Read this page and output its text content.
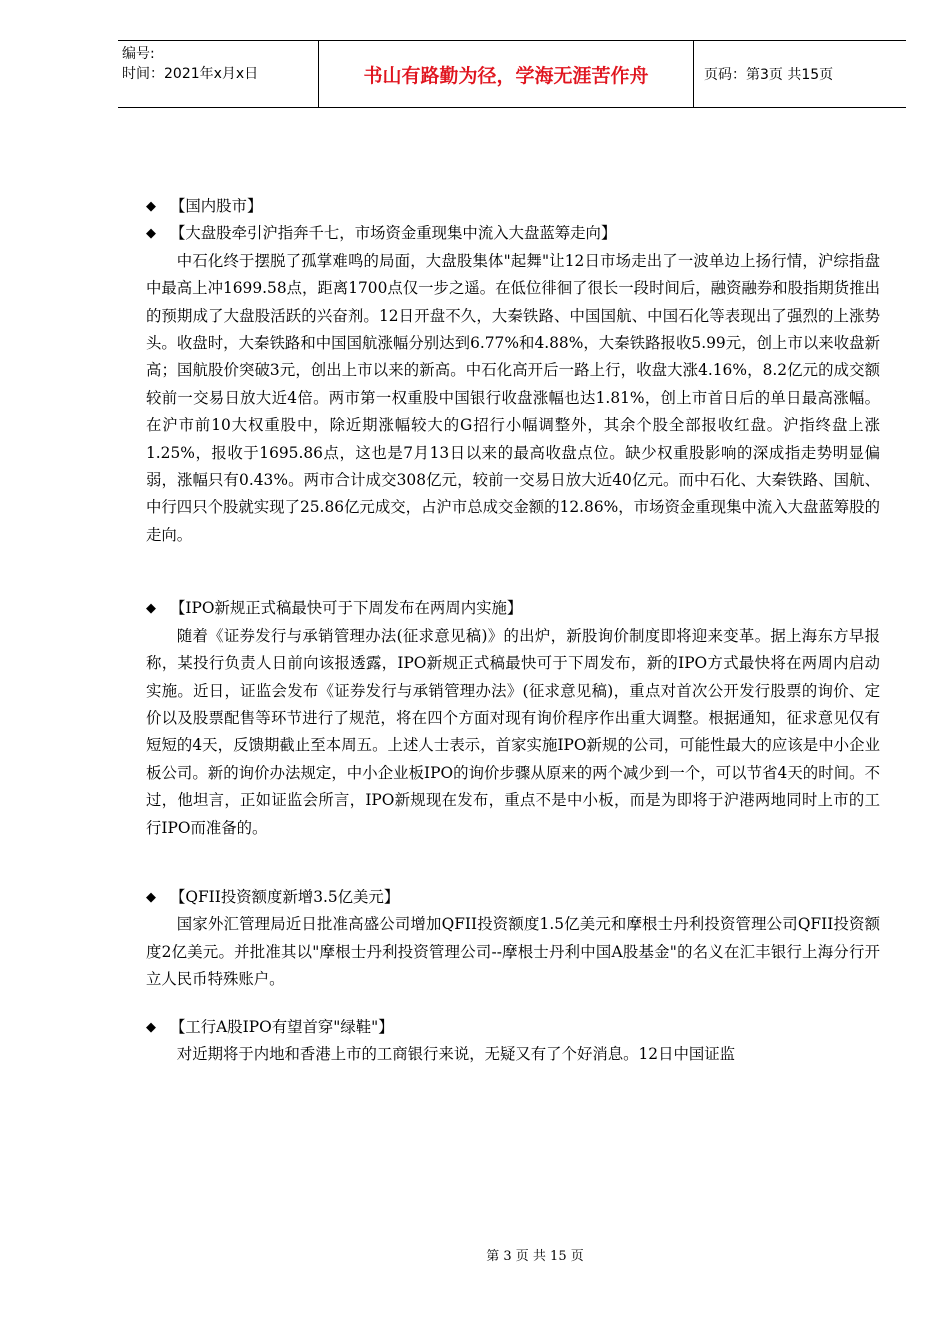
编号:
时间：2021年x月x日	书山有路勤为径，学海无涯苦作舟	页码：第3页 共15页
◆ 【国内股市】
◆ 【大盘股牵引沪指奔千七，市场资金重现集中流入大盘蓝筹走向】

中石化终于摆脱了孤掌难鸣的局面，大盘股集体"起舞"让12日市场走出了一波单边上扬行情，沪综指盘中最高上冲1699.58点，距离1700点仅一步之遥。在低位徘徊了很长一段时间后，融资融券和股指期货推出的预期成了大盘股活跃的兴奋剂。12日开盘不久，大秦铁路、中国国航、中国石化等表现出了强烈的上涨势头。收盘时，大秦铁路和中国国航涨幅分别达到6.77%和4.88%，大秦铁路报收5.99元，创上市以来收盘新高；国航股价突破3元，创出上市以来的新高。中石化高开后一路上行，收盘大涨4.16%，8.2亿元的成交额较前一交易日放大近4倍。两市第一权重股中国银行收盘涨幅也达1.81%，创上市首日后的单日最高涨幅。在沪市前10大权重股中，除近期涨幅较大的G招行小幅调整外，其余个股全部报收红盘。沪指终盘上涨1.25%，报收于1695.86点，这也是7月13日以来的最高收盘点位。缺少权重股影响的深成指走势明显偏弱，涨幅只有0.43%。两市合计成交308亿元，较前一交易日放大近40亿元。而中石化、大秦铁路、国航、中行四只个股就实现了25.86亿元成交，占沪市总成交金额的12.86%，市场资金重现集中流入大盘蓝筹股的走向。

◆ 【IPO新规正式稿最快可于下周发布在两周内实施】

随着《证券发行与承销管理办法(征求意见稿)》的出炉，新股询价制度即将迎来变革。据上海东方早报称，某投行负责人日前向该报透露，IPO新规正式稿最快可于下周发布，新的IPO方式最快将在两周内启动实施。近日，证监会发布《证券发行与承销管理办法》(征求意见稿)，重点对首次公开发行股票的询价、定价以及股票配售等环节进行了规范，将在四个方面对现有询价程序作出重大调整。根据通知，征求意见仅有短短的4天，反馈期截止至本周五。上述人士表示，首家实施IPO新规的公司，可能性最大的应该是中小企业板公司。新的询价办法规定，中小企业板IPO的询价步骤从原来的两个减少到一个，可以节省4天的时间。不过，他坦言，正如证监会所言，IPO新规现在发布，重点不是中小板，而是为即将于沪港两地同时上市的工行IPO而准备的。

◆ 【QFII投资额度新增3.5亿美元】

国家外汇管理局近日批准高盛公司增加QFII投资额度1.5亿美元和摩根士丹利投资管理公司QFII投资额度2亿美元。并批准其以"摩根士丹利投资管理公司--摩根士丹利中国A股基金"的名义在汇丰银行上海分行开立人民币特殊账户。

◆ 【工行A股IPO有望首穿"绿鞋"】

对近期将于内地和香港上市的工商银行来说，无疑又有了个好消息。12日中国证监

第 3 页 共 15 页
